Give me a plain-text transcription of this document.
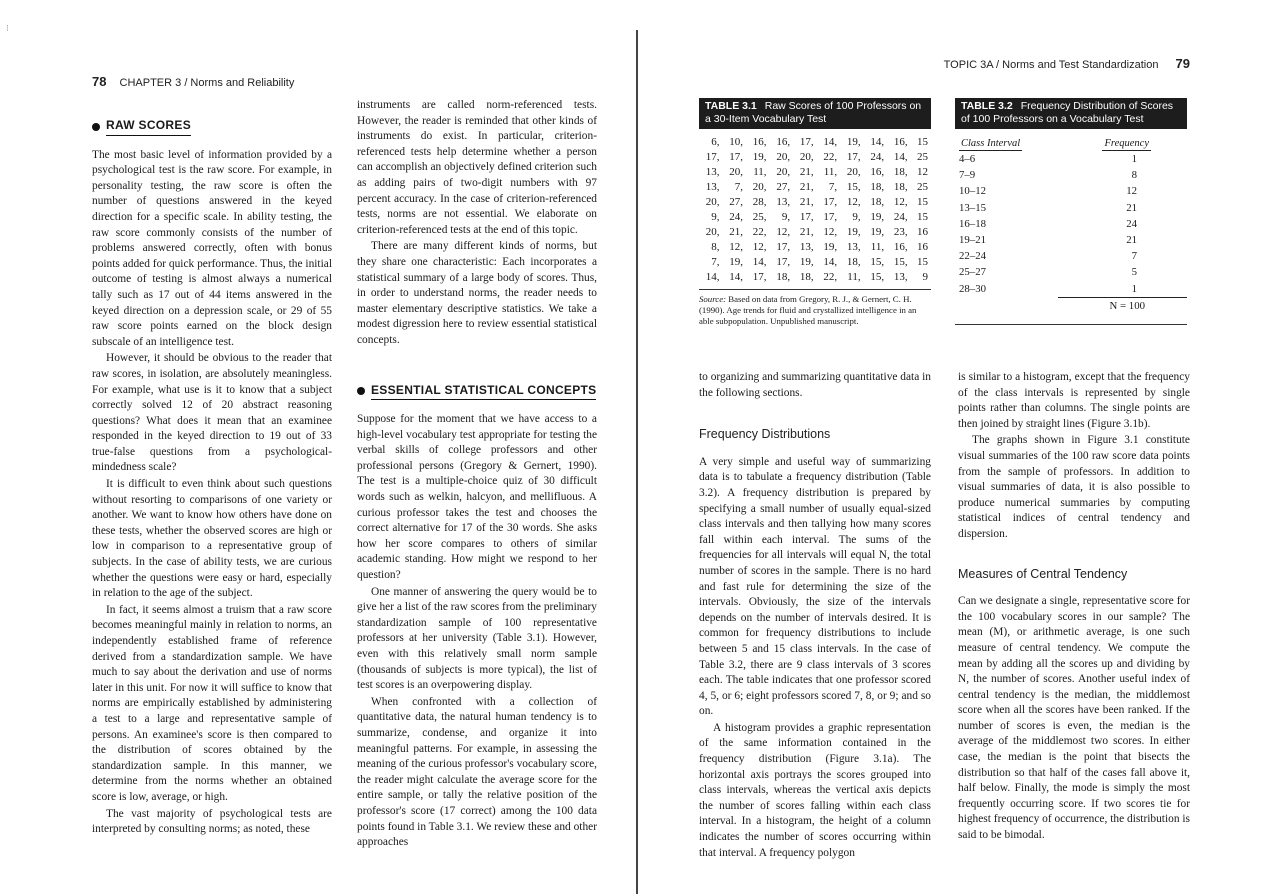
⁝
78 CHAPTER 3 / Norms and Reliability
RAW SCORES

The most basic level of information provided by a psychological test is the raw score. For example, in personality testing, the raw score is often the number of questions answered in the keyed direction for a specific scale. In ability testing, the raw score commonly consists of the number of problems answered correctly, often with bonus points added for quick performance. Thus, the initial outcome of testing is almost always a numerical tally such as 17 out of 44 items answered in the keyed direction on a depression scale, or 29 of 55 raw score points earned on the block design subscale of an intelligence test.

However, it should be obvious to the reader that raw scores, in isolation, are absolutely meaningless. For example, what use is it to know that a subject correctly solved 12 of 20 abstract reasoning questions? What does it mean that an examinee responded in the keyed direction to 19 out of 33 true-false questions from a psychological-mindedness scale?

It is difficult to even think about such questions without resorting to comparisons of one variety or another. We want to know how others have done on these tests, whether the observed scores are high or low in comparison to a representative group of subjects. In the case of ability tests, we are curious whether the questions were easy or hard, especially in relation to the age of the subject.

In fact, it seems almost a truism that a raw score becomes meaningful mainly in relation to norms, an independently established frame of reference derived from a standardization sample. We have much to say about the derivation and use of norms later in this unit. For now it will suffice to know that norms are empirically established by administering a test to a large and representative sample of persons. An examinee's score is then compared to the distribution of scores obtained by the standardization sample. In this manner, we determine from the norms whether an obtained score is low, average, or high.

The vast majority of psychological tests are interpreted by consulting norms; as noted, these

instruments are called norm-referenced tests. However, the reader is reminded that other kinds of instruments do exist. In particular, criterion-referenced tests help determine whether a person can accomplish an objectively defined criterion such as adding pairs of two-digit numbers with 97 percent accuracy. In the case of criterion-referenced tests, norms are not essential. We elaborate on criterion-referenced tests at the end of this topic.

There are many different kinds of norms, but they share one characteristic: Each incorporates a statistical summary of a large body of scores. Thus, in order to understand norms, the reader needs to master elementary descriptive statistics. We take a modest digression here to review essential statistical concepts.

ESSENTIAL STATISTICAL CONCEPTS

Suppose for the moment that we have access to a high-level vocabulary test appropriate for testing the verbal skills of college professors and other professional persons (Gregory & Gernert, 1990). The test is a multiple-choice quiz of 30 difficult words such as welkin, halcyon, and mellifluous. A curious professor takes the test and chooses the correct alternative for 17 of the 30 words. She asks how her score compares to others of similar academic standing. How might we respond to her question?

One manner of answering the query would be to give her a list of the raw scores from the preliminary standardization sample of 100 representative professors at her university (Table 3.1). However, even with this relatively small norm sample (thousands of subjects is more typical), the list of test scores is an overpowering display.

When confronted with a collection of quantitative data, the natural human tendency is to summarize, condense, and organize it into meaningful patterns. For example, in assessing the meaning of the curious professor's vocabulary score, the reader might calculate the average score for the entire sample, or tally the relative position of the professor's score (17 correct) among the 100 data points found in Table 3.1. We review these and other approaches

TOPIC 3A / Norms and Test Standardization 79
TABLE 3.1 Raw Scores of 100 Professors on a 30-Item Vocabulary Test
6,	10,	16,	16,	17,	14,	19,	14,	16,	15
17,	17,	19,	20,	20,	22,	17,	24,	14,	25
13,	20,	11,	20,	21,	11,	20,	16,	18,	12
13,	7,	20,	27,	21,	7,	15,	18,	18,	25
20,	27,	28,	13,	21,	17,	12,	18,	12,	15
9,	24,	25,	9,	17,	17,	9,	19,	24,	15
20,	21,	22,	12,	21,	12,	19,	19,	23,	16
8,	12,	12,	17,	13,	19,	13,	11,	16,	16
7,	19,	14,	17,	19,	14,	18,	15,	15,	15
14,	14,	17,	18,	18,	22,	11,	15,	13,	9
Source: Based on data from Gregory, R. J., & Gernert, C. H. (1990). Age trends for fluid and crystallized intelligence in an able subpopulation. Unpublished manuscript.
TABLE 3.2 Frequency Distribution of Scores of 100 Professors on a Vocabulary Test
Class Interval	Frequency
4–6	1
7–9	8
10–12	12
13–15	21
16–18	24
19–21	21
22–24	7
25–27	5
28–30	1
	N = 100

to organizing and summarizing quantitative data in the following sections.

Frequency Distributions

A very simple and useful way of summarizing data is to tabulate a frequency distribution (Table 3.2). A frequency distribution is prepared by specifying a small number of usually equal-sized class intervals and then tallying how many scores fall within each interval. The sums of the frequencies for all intervals will equal N, the total number of scores in the sample. There is no hard and fast rule for determining the size of the intervals. Obviously, the size of the intervals depends on the number of intervals desired. It is common for frequency distributions to include between 5 and 15 class intervals. In the case of Table 3.2, there are 9 class intervals of 3 scores each. The table indicates that one professor scored 4, 5, or 6; eight professors scored 7, 8, or 9; and so on.

A histogram provides a graphic representation of the same information contained in the frequency distribution (Figure 3.1a). The horizontal axis portrays the scores grouped into class intervals, whereas the vertical axis depicts the number of scores falling within each class interval. In a histogram, the height of a column indicates the number of scores occurring within that interval. A frequency polygon

is similar to a histogram, except that the frequency of the class intervals is represented by single points rather than columns. The single points are then joined by straight lines (Figure 3.1b).

The graphs shown in Figure 3.1 constitute visual summaries of the 100 raw score data points from the sample of professors. In addition to visual summaries of data, it is also possible to produce numerical summaries by computing statistical indices of central tendency and dispersion.

Measures of Central Tendency

Can we designate a single, representative score for the 100 vocabulary scores in our sample? The mean (M), or arithmetic average, is one such measure of central tendency. We compute the mean by adding all the scores up and dividing by N, the number of scores. Another useful index of central tendency is the median, the middlemost score when all the scores have been ranked. If the number of scores is even, the median is the average of the middlemost two scores. In either case, the median is the point that bisects the distribution so that half of the cases fall above it, half below. Finally, the mode is simply the most frequently occurring score. If two scores tie for highest frequency of occurrence, the distribution is said to be bimodal.
